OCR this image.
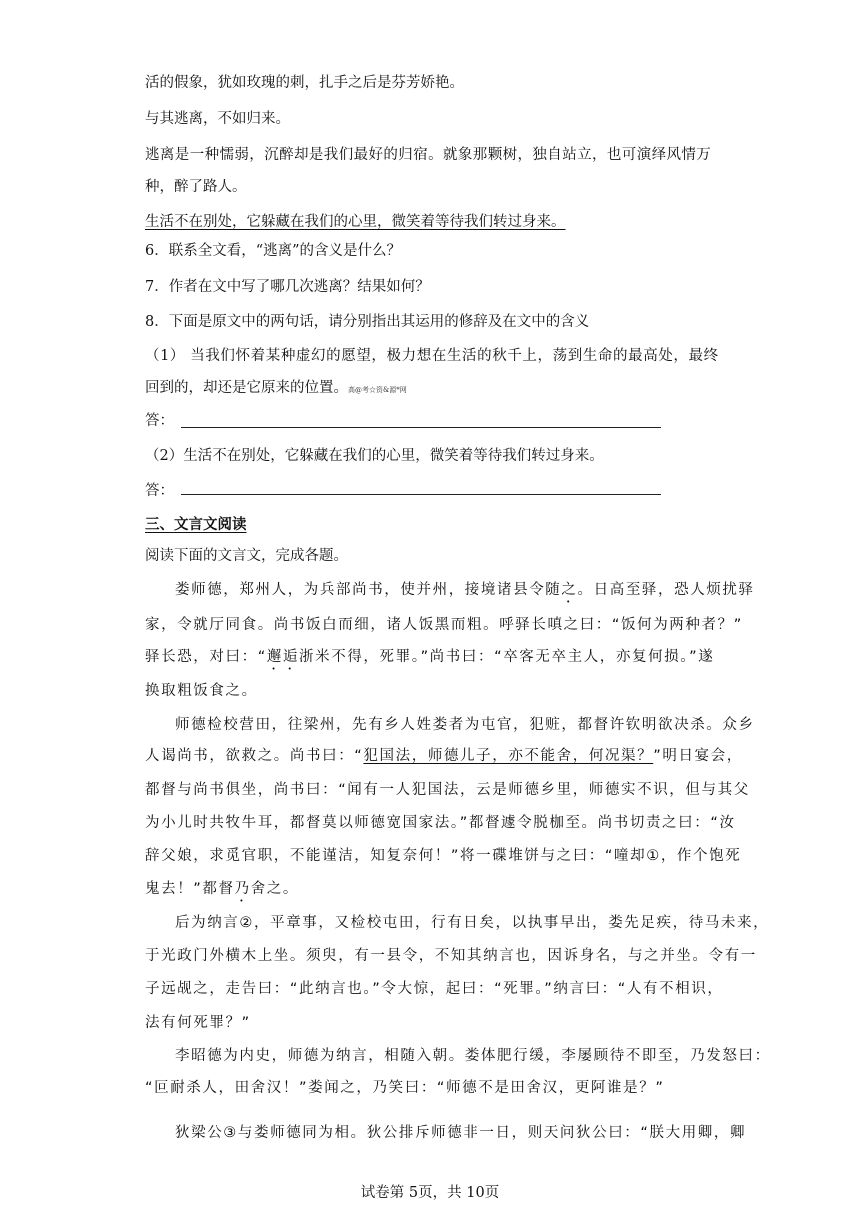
活的假象，犹如玫瑰的刺，扎手之后是芬芳娇艳。
与其逃离，不如归来。
逃离是一种懦弱，沉醉却是我们最好的归宿。就象那颗树，独自站立，也可演绎风情万
种，醉了路人。
生活不在别处，它躲藏在我们的心里，微笑着等待我们转过身来。
6．联系全文看，“逃离”的含义是什么？
7．作者在文中写了哪几次逃离？结果如何？
8．下面是原文中的两句话，请分别指出其运用的修辞及在文中的含义
（1） 当我们怀着某种虚幻的愿望，极力想在生活的秋千上，荡到生命的最高处，最终
回到的，却还是它原来的位置。高@考☆资&源*网
答：
（2）生活不在别处，它躲藏在我们的心里，微笑着等待我们转过身来。
答：
三、文言文阅读
阅读下面的文言文，完成各题。
娄师德，郑州人，为兵部尚书，使并州，接境诸县令随之。日高至驿，恐人烦扰驿
家，令就厅同食。尚书饭白而细，诸人饭黑而粗。呼驿长嗔之曰：“饭何为两种者？”
驿长恐，对曰：“邂逅浙米不得，死罪。”尚书曰：“卒客无卒主人，亦复何损。”遂
换取粗饭食之。
师德检校营田，往梁州，先有乡人姓娄者为屯官，犯赃，都督许钦明欲决杀。众乡
人谒尚书，欲救之。尚书曰：“犯国法，师德儿子，亦不能舍，何况渠？”明日宴会，
都督与尚书俱坐，尚书曰：“闻有一人犯国法，云是师德乡里，师德实不识，但与其父
为小儿时共牧牛耳，都督莫以师德宽国家法。”都督遽令脱枷至。尚书切责之曰：“汝
辞父娘，求觅官职，不能谨洁，知复奈何！”将一碟堆饼与之曰：“噇却①，作个饱死
鬼去！”都督乃舍之。
后为纳言②，平章事，又检校屯田，行有日矣，以执事早出，娄先足疾，待马未来，
于光政门外横木上坐。须臾，有一县令，不知其纳言也，因诉身名，与之并坐。令有一
子远觇之，走告曰：“此纳言也。”令大惊，起曰：“死罪。”纳言曰：“人有不相识，
法有何死罪？”
李昭德为内史，师德为纳言，相随入朝。娄体肥行缓，李屡顾待不即至，乃发怒曰：
“叵耐杀人，田舍汉！”娄闻之，乃笑曰：“师德不是田舍汉，更阿谁是？”
狄梁公③与娄师德同为相。狄公排斥师德非一日，则天问狄公曰：“朕大用卿，卿
试卷第 5页，共 10页
